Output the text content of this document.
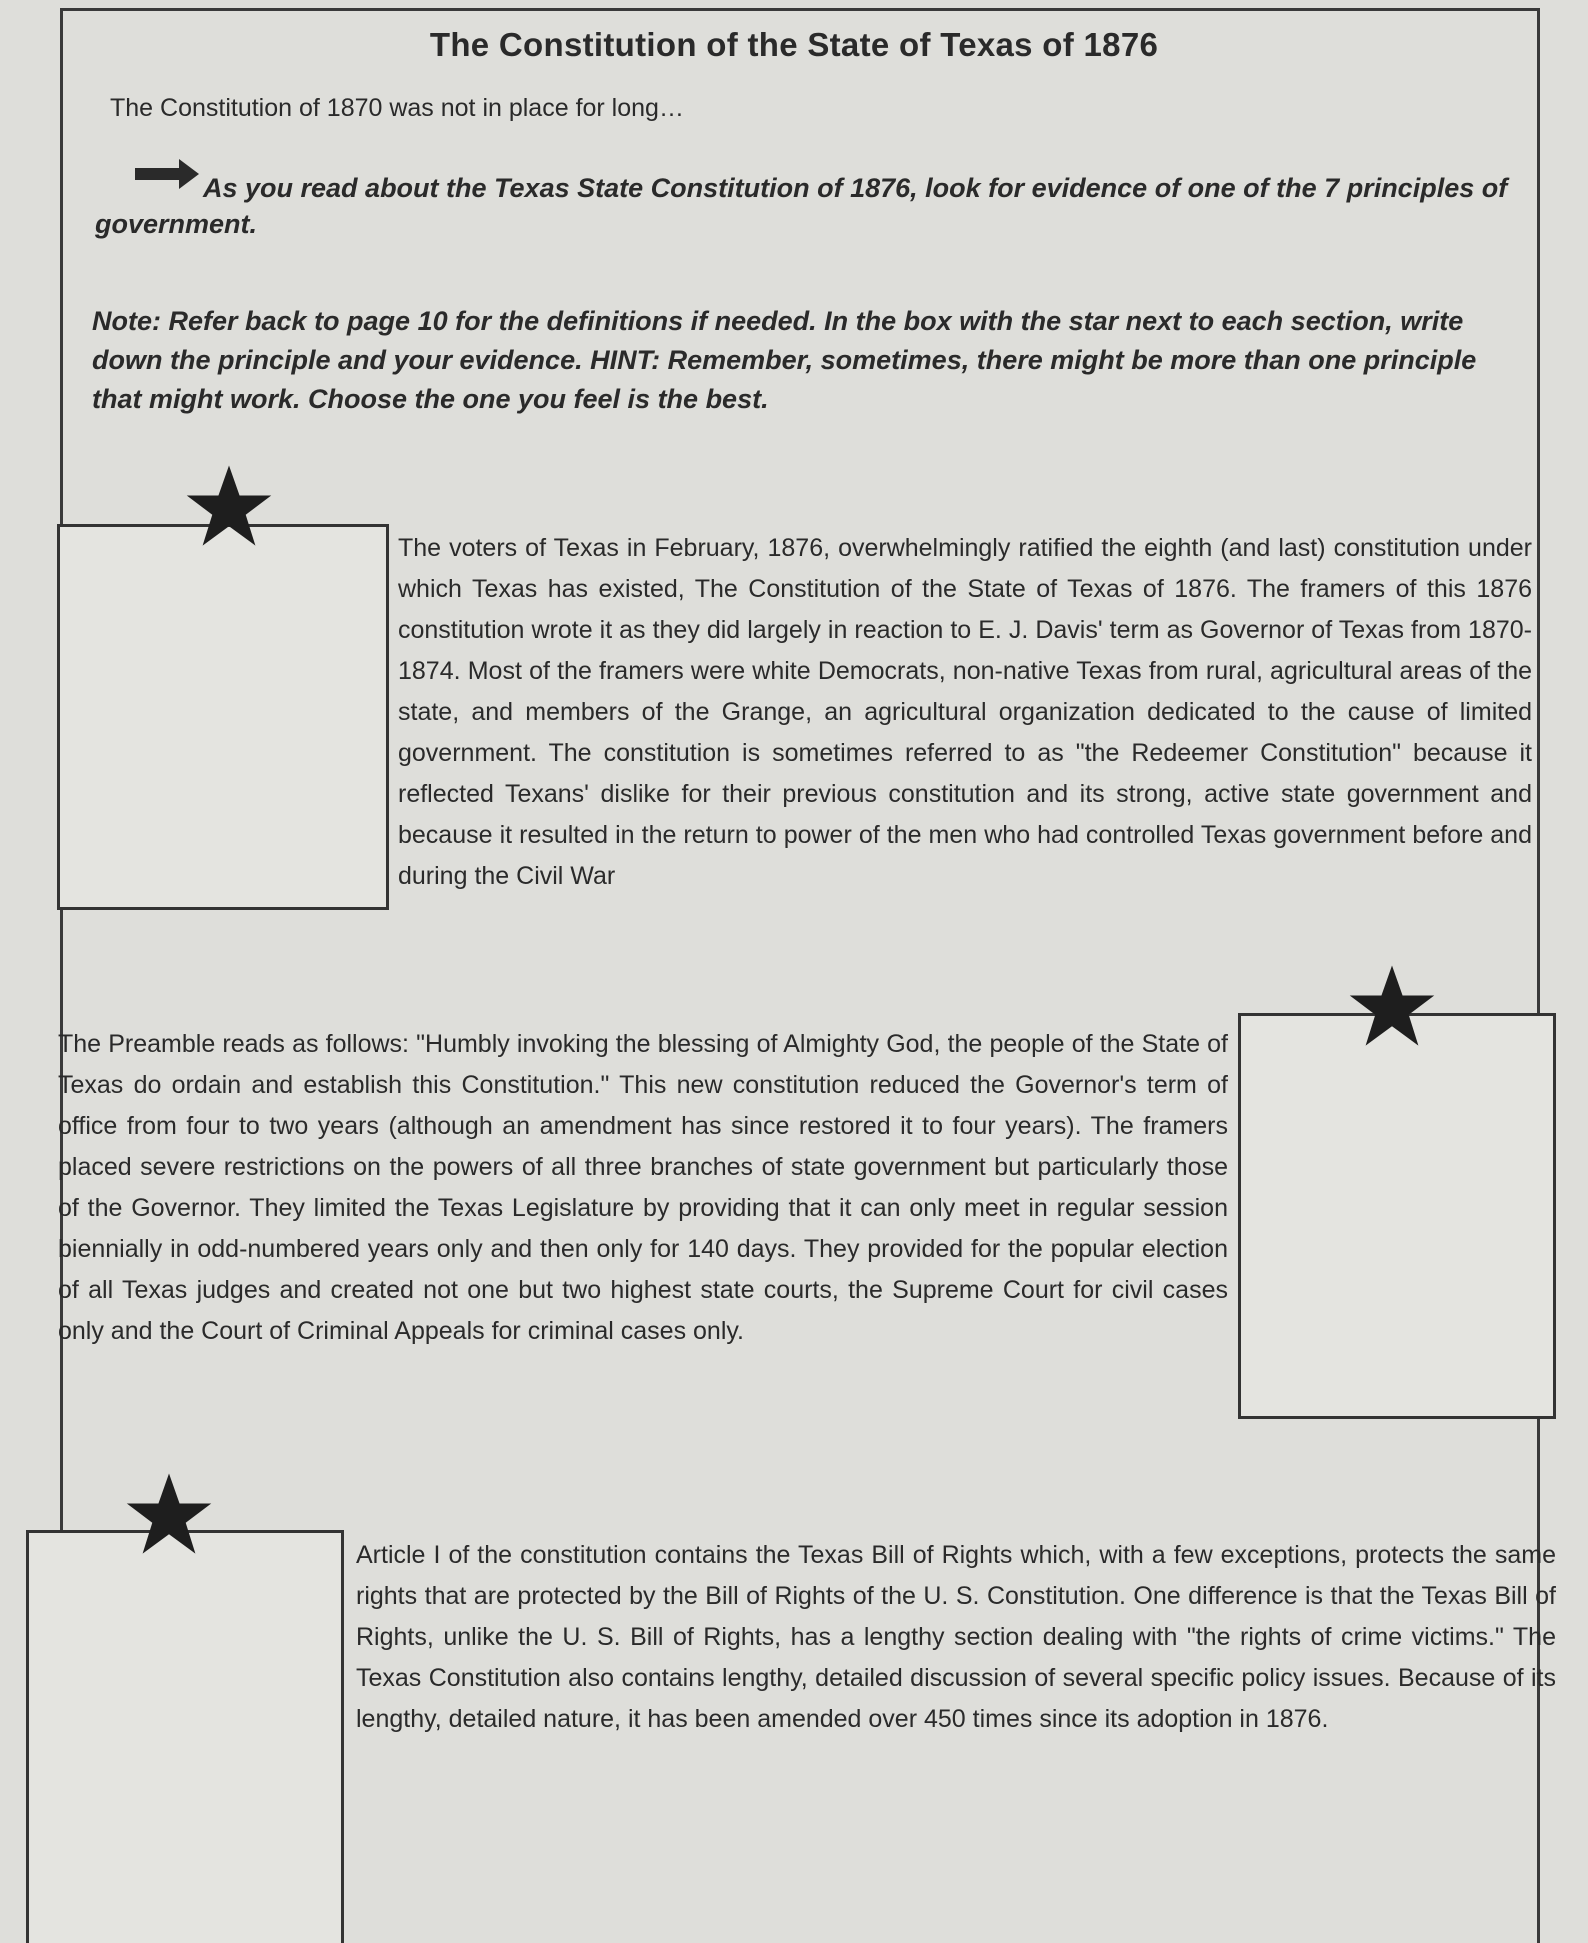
The Constitution of the State of Texas of 1876
The Constitution of 1870 was not in place for long…
As you read about the Texas State Constitution of 1876, look for evidence of one of the 7 principles of government.
Note: Refer back to page 10 for the definitions if needed. In the box with the star next to each section, write down the principle and your evidence. HINT: Remember, sometimes, there might be more than one principle that might work. Choose the one you feel is the best.
The voters of Texas in February, 1876, overwhelmingly ratified the eighth (and last) constitution under which Texas has existed, The Constitution of the State of Texas of 1876. The framers of this 1876 constitution wrote it as they did largely in reaction to E. J. Davis' term as Governor of Texas from 1870- 1874. Most of the framers were white Democrats, non-native Texas from rural, agricultural areas of the state, and members of the Grange, an agricultural organization dedicated to the cause of limited government. The constitution is sometimes referred to as "the Redeemer Constitution" because it reflected Texans' dislike for their previous constitution and its strong, active state government and because it resulted in the return to power of the men who had controlled Texas government before and during the Civil War
The Preamble reads as follows: "Humbly invoking the blessing of Almighty God, the people of the State of Texas do ordain and establish this Constitution." This new constitution reduced the Governor's term of office from four to two years (although an amendment has since restored it to four years). The framers placed severe restrictions on the powers of all three branches of state government but particularly those of the Governor. They limited the Texas Legislature by providing that it can only meet in regular session biennially in odd-numbered years only and then only for 140 days. They provided for the popular election of all Texas judges and created not one but two highest state courts, the Supreme Court for civil cases only and the Court of Criminal Appeals for criminal cases only.
Article I of the constitution contains the Texas Bill of Rights which, with a few exceptions, protects the same rights that are protected by the Bill of Rights of the U. S. Constitution. One difference is that the Texas Bill of Rights, unlike the U. S. Bill of Rights, has a lengthy section dealing with "the rights of crime victims." The Texas Constitution also contains lengthy, detailed discussion of several specific policy issues. Because of its lengthy, detailed nature, it has been amended over 450 times since its adoption in 1876.
